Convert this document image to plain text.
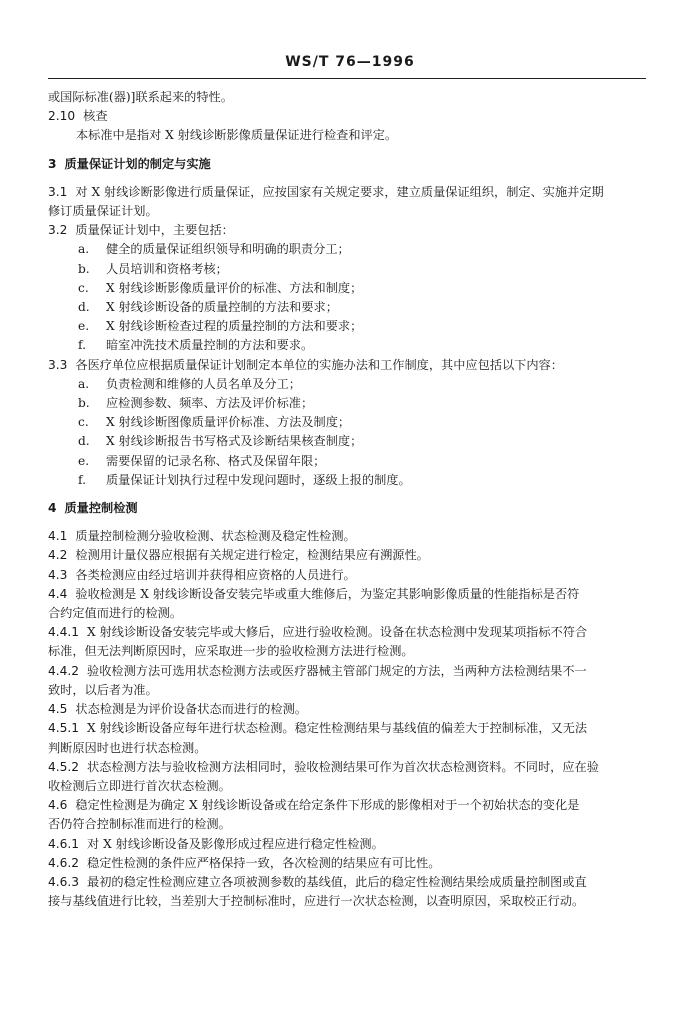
WS/T 76—1996
或国际标准(器)]联系起来的特性。
2.10 核查
本标准中是指对 X 射线诊断影像质量保证进行检查和评定。
3 质量保证计划的制定与实施
3.1 对 X 射线诊断影像进行质量保证，应按国家有关规定要求，建立质量保证组织，制定、实施并定期
修订质量保证计划。
3.2 质量保证计划中，主要包括：
a. 健全的质量保证组织领导和明确的职责分工；
b. 人员培训和资格考核；
c. X 射线诊断影像质量评价的标准、方法和制度；
d. X 射线诊断设备的质量控制的方法和要求；
e. X 射线诊断检查过程的质量控制的方法和要求；
f. 暗室冲洗技术质量控制的方法和要求。
3.3 各医疗单位应根据质量保证计划制定本单位的实施办法和工作制度，其中应包括以下内容：
a. 负责检测和维修的人员名单及分工；
b. 应检测参数、频率、方法及评价标准；
c. X 射线诊断图像质量评价标准、方法及制度；
d. X 射线诊断报告书写格式及诊断结果核查制度；
e. 需要保留的记录名称、格式及保留年限；
f. 质量保证计划执行过程中发现问题时，逐级上报的制度。
4 质量控制检测
4.1 质量控制检测分验收检测、状态检测及稳定性检测。
4.2 检测用计量仪器应根据有关规定进行检定，检测结果应有溯源性。
4.3 各类检测应由经过培训并获得相应资格的人员进行。
4.4 验收检测是 X 射线诊断设备安装完毕或重大维修后，为鉴定其影响影像质量的性能指标是否符
合约定值而进行的检测。
4.4.1 X 射线诊断设备安装完毕或大修后，应进行验收检测。设备在状态检测中发现某项指标不符合
标准，但无法判断原因时，应采取进一步的验收检测方法进行检测。
4.4.2 验收检测方法可选用状态检测方法或医疗器械主管部门规定的方法，当两种方法检测结果不一
致时，以后者为准。
4.5 状态检测是为评价设备状态而进行的检测。
4.5.1 X 射线诊断设备应每年进行状态检测。稳定性检测结果与基线值的偏差大于控制标准，又无法
判断原因时也进行状态检测。
4.5.2 状态检测方法与验收检测方法相同时，验收检测结果可作为首次状态检测资料。不同时，应在验
收检测后立即进行首次状态检测。
4.6 稳定性检测是为确定 X 射线诊断设备或在给定条件下形成的影像相对于一个初始状态的变化是
否仍符合控制标准而进行的检测。
4.6.1 对 X 射线诊断设备及影像形成过程应进行稳定性检测。
4.6.2 稳定性检测的条件应严格保持一致，各次检测的结果应有可比性。
4.6.3 最初的稳定性检测应建立各项被测参数的基线值，此后的稳定性检测结果绘成质量控制图或直
接与基线值进行比较，当差别大于控制标准时，应进行一次状态检测，以查明原因，采取校正行动。
